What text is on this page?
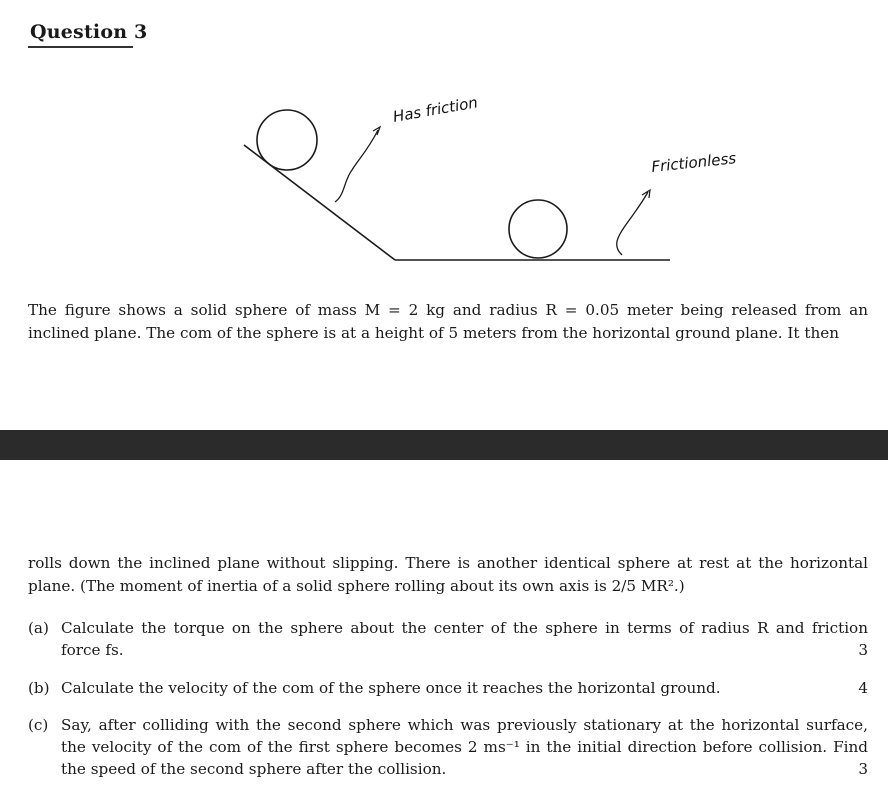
Question 3
Has friction
Frictionless
The figure shows a solid sphere of mass M = 2 kg and radius R = 0.05 meter being released from an
inclined plane. The com of the sphere is at a height of 5 meters from the horizontal ground plane. It then
rolls down the inclined plane without slipping. There is another identical sphere at rest at the horizontal
plane. (The moment of inertia of a solid sphere rolling about its own axis is 2/5 MR².)
(a) Calculate the torque on the sphere about the center of the sphere in terms of radius R and friction
force fs.	3
(b) Calculate the velocity of the com of the sphere once it reaches the horizontal ground.	4
(c) Say, after colliding with the second sphere which was previously stationary at the horizontal surface,
the velocity of the com of the first sphere becomes 2 ms⁻¹ in the initial direction before collision. Find
the speed of the second sphere after the collision.	3
